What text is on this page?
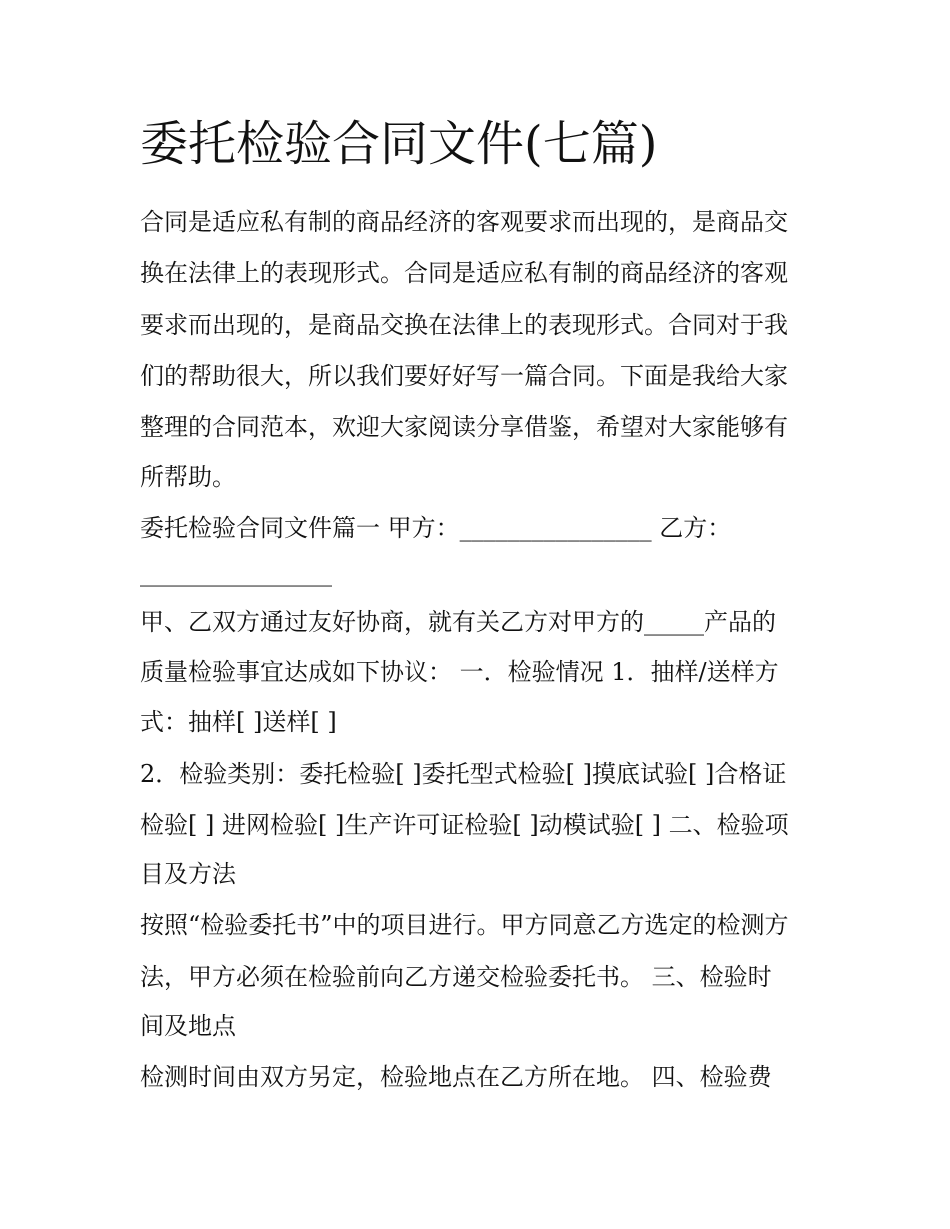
委托检验合同文件(七篇)

合同是适应私有制的商品经济的客观要求而出现的，是商品交

换在法律上的表现形式。合同是适应私有制的商品经济的客观

要求而出现的，是商品交换在法律上的表现形式。合同对于我

们的帮助很大，所以我们要好好写一篇合同。下面是我给大家

整理的合同范本，欢迎大家阅读分享借鉴，希望对大家能够有

所帮助。

委托检验合同文件篇一 甲方：________________ 乙方：

________________

甲、乙双方通过友好协商，就有关乙方对甲方的_____产品的

质量检验事宜达成如下协议： 一．检验情况 1．抽样/送样方

式：抽样[ ]送样[ ]

2．检验类别：委托检验[ ]委托型式检验[ ]摸底试验[ ]合格证

检验[ ] 进网检验[ ]生产许可证检验[ ]动模试验[ ] 二、检验项

目及方法

按照“检验委托书”中的项目进行。甲方同意乙方选定的检测方

法，甲方必须在检验前向乙方递交检验委托书。 三、检验时

间及地点

检测时间由双方另定，检验地点在乙方所在地。 四、检验费
